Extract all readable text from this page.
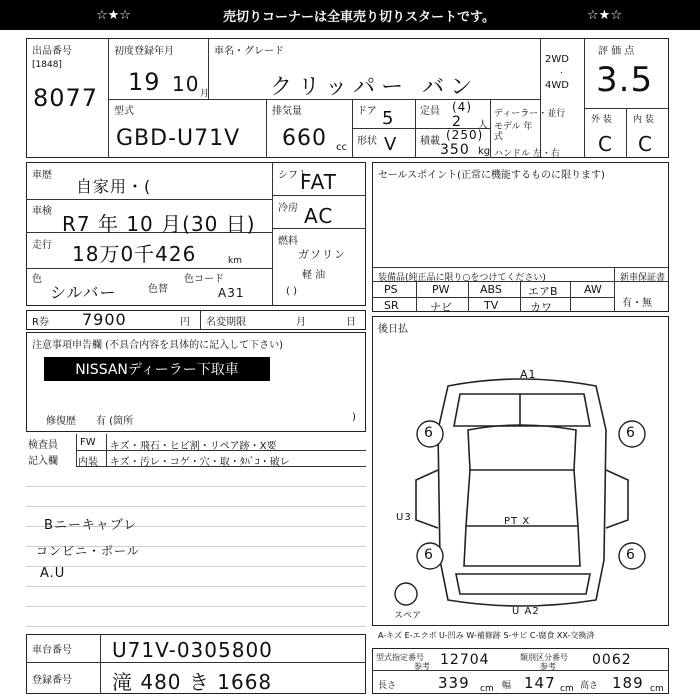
☆★☆	売切りコーナーは全車売り切りスタートです。	☆★☆
出品番号
[1848]
8077
初度登録年月
19 10 月
車名・グレード
クリッパー バン
2WD
·
4WD
評 価 点
3.5
外 装 内 装
C C
型式
GBD-U71V
排気量
660 cc
ドア 5
形状 V
定員 (4)
2 人
積載 (250)
350 kg
ディーラー・並行
モデル 年式
ハンドル 左・右
車歴
自家用・(
車検
R7 年 10 月(30 日)
走行 18万0千426	km
色
シルバー	色替
色コード
A31
シフト
FAT
冷房 AC
燃料
ガソリン
軽 油
( )
セールスポイント(正常に機能するものに限ります)
装備品(純正品に限り○をつけてください)	新車保証書
有・無
PS	PW	ABS エアB AW
SR	ナビ	TV	カワ
R券 7900	円 名変期限	月	日
注意事項申告欄 (不具合内容を具体的に記入して下さい)
NISSANディーラー下取車
修復歴 有 (箇所	)
後日払
検査員
記入欄
FW キズ・飛石・ヒビ割・リペア跡・X要
内装 キズ・汚レ・コゲ・穴・取・ﾀﾊﾞｺ・破レ
Bニーキャブレ
コンビニ・ポール
A.U
6	6
6	6
A1
U3	PT X
U A2
スペア
A-キズ E-エクボ U-凹み W-補修跡 S-サビ C-腐食 XX-交換済
車台番号 U71V-0305800
登録番号 滝 480 き 1668
型式指定番号
参考 12704	類別区分番号
参考	0062
長さ	339 cm 幅 147 cm 高さ 189 cm
